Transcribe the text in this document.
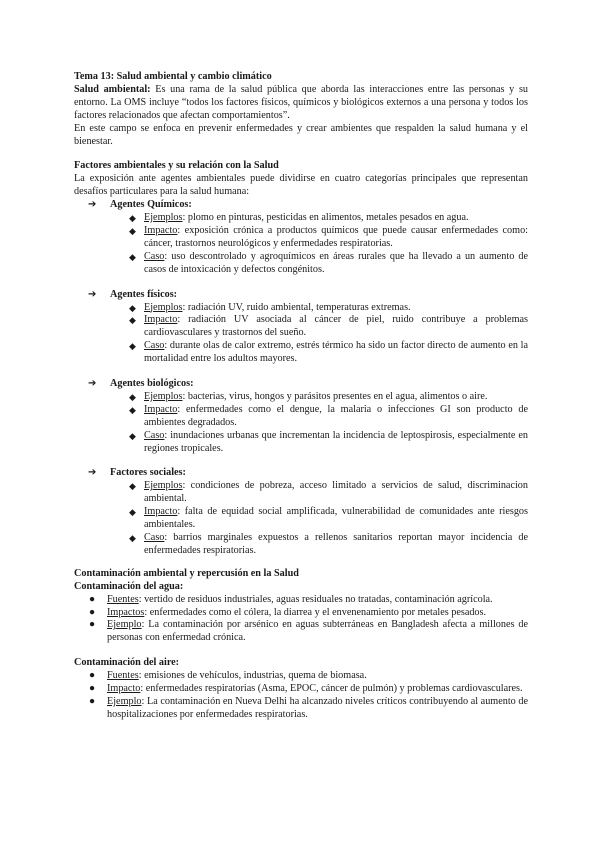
Tema 13: Salud ambiental y cambio climático

Salud ambiental: Es una rama de la salud pública que aborda las interacciones entre las personas y su entorno. La OMS incluye “todos los factores físicos, químicos y biológicos externos a una persona y todos los factores relacionados que afectan comportamientos”.

En este campo se enfoca en prevenir enfermedades y crear ambientes que respalden la salud humana y el bienestar.

Factores ambientales y su relación con la Salud

La exposición ante agentes ambientales puede dividirse en cuatro categorías principales que representan desafíos particulares para la salud humana:

➔ Agentes Químicos:

◆ Ejemplos: plomo en pinturas, pesticidas en alimentos, metales pesados en agua.

◆ Impacto: exposición crónica a productos químicos que puede causar enfermedades como: cáncer, trastornos neurológicos y enfermedades respiratorias.

◆ Caso: uso descontrolado y agroquímicos en áreas rurales que ha llevado a un aumento de casos de intoxicación y defectos congénitos.

➔ Agentes físicos:

◆ Ejemplos: radiación UV, ruido ambiental, temperaturas extremas.

◆ Impacto: radiación UV asociada al cáncer de piel, ruido contribuye a problemas cardiovasculares y trastornos del sueño.

◆ Caso: durante olas de calor extremo, estrés térmico ha sido un factor directo de aumento en la mortalidad entre los adultos mayores.

➔ Agentes biológicos:

◆ Ejemplos: bacterias, virus, hongos y parásitos presentes en el agua, alimentos o aire.

◆ Impacto: enfermedades como el dengue, la malaria o infecciones GI son producto de ambientes degradados.

◆ Caso: inundaciones urbanas que incrementan la incidencia de leptospirosis, especialmente en regiones tropicales.

➔ Factores sociales:

◆ Ejemplos: condiciones de pobreza, acceso limitado a servicios de salud, discriminacion ambiental.

◆ Impacto: falta de equidad social amplificada, vulnerabilidad de comunidades ante riesgos ambientales.

◆ Caso: barrios marginales expuestos a rellenos sanitarios reportan mayor incidencia de enfermedades respiratorias.

Contaminación ambiental y repercusión en la Salud

Contaminación del agua:

● Fuentes: vertido de residuos industriales, aguas residuales no tratadas, contaminación agrícola.

● Impactos: enfermedades como el cólera, la diarrea y el envenenamiento por metales pesados.

● Ejemplo: La contaminación por arsénico en aguas subterráneas en Bangladesh afecta a millones de personas con enfermedad crónica.

Contaminación del aire:

● Fuentes: emisiones de vehículos, industrias, quema de biomasa.

● Impacto: enfermedades respiratorias (Asma, EPOC, cáncer de pulmón) y problemas cardiovasculares.

● Ejemplo: La contaminación en Nueva Delhi ha alcanzado niveles críticos contribuyendo al aumento de hospitalizaciones por enfermedades respiratorias.
